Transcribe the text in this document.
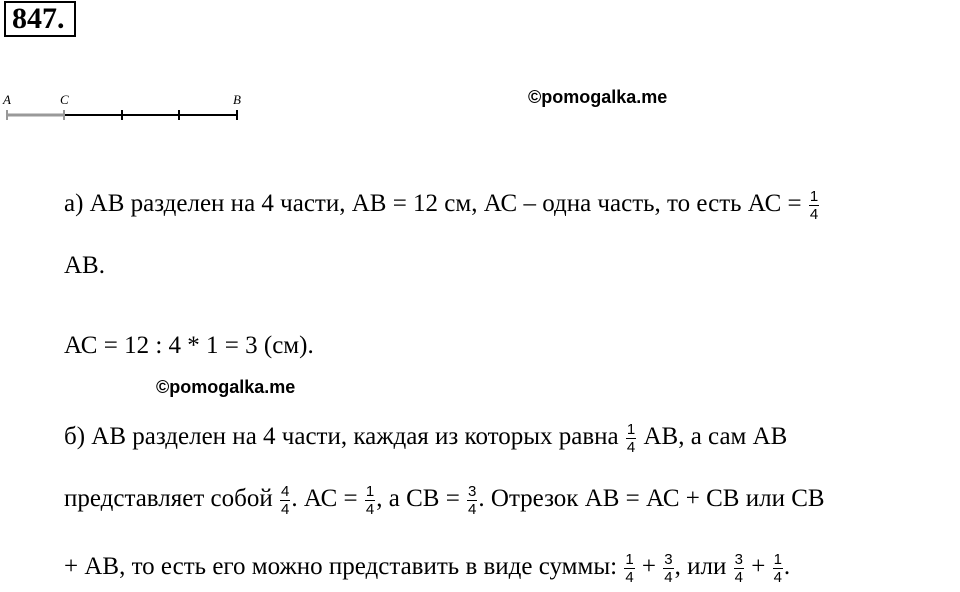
847.
A	C	B	©pomogalka.me
а) АВ разделен на 4 части, АВ = 12 см, АС – одна часть, то есть АС = $\frac{1}{4}$
АВ.
АС = 12 : 4 * 1 = 3 (см).
©pomogalka.me
б) АВ разделен на 4 части, каждая из которых равна $\frac{1}{4}$ АВ, а сам АВ
представляет собой $\frac{4}{4}$ . АС = $\frac{1}{4}$ , а СВ = $\frac{3}{4}$ . Отрезок АВ = АС + СВ или СВ
+ АВ, то есть его можно представить в виде суммы: $\frac{1}{4} + \frac{3}{4}$ , или $\frac{3}{4} + \frac{1}{4}$ .
